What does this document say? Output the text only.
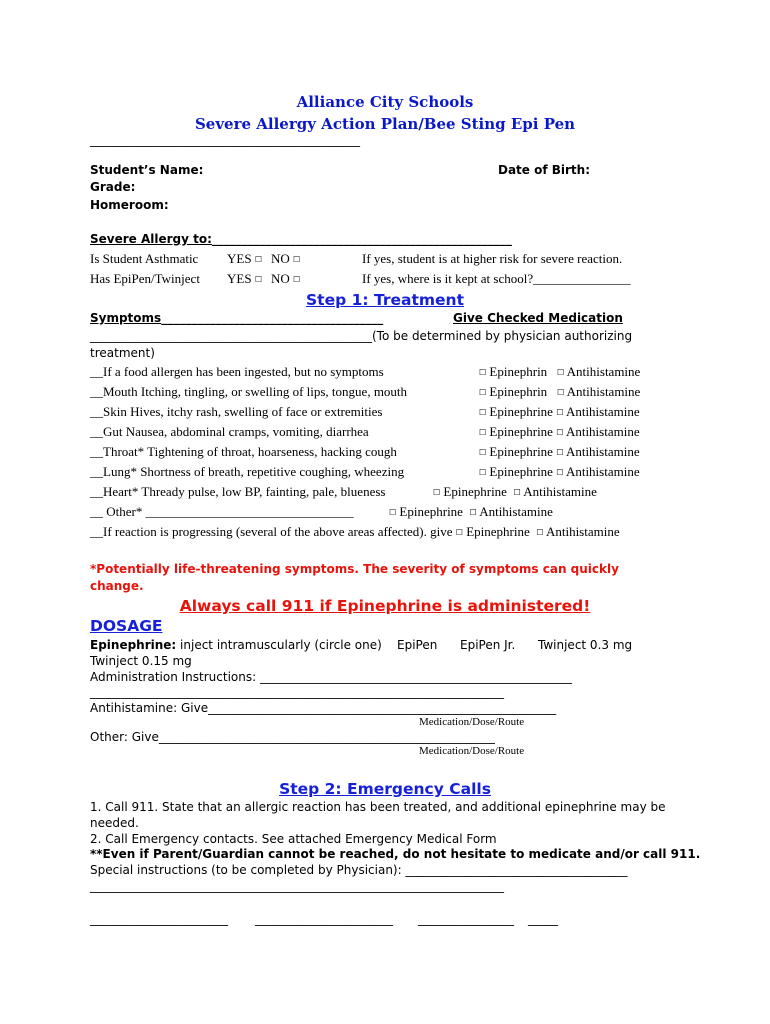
Alliance City Schools
Severe Allergy Action Plan/Bee Sting Epi Pen
_____________________________________________
Student’s Name:	Date of Birth:
Grade:
Homeroom:
Severe Allergy to:__________________________________________________
Is Student Asthmatic YES ☐ NO ☐	If yes, student is at higher risk for severe reaction.
Has EpiPen/Twinject YES ☐ NO ☐	If yes, where is it kept at school?_______________
Step 1: Treatment
Symptoms_____________________________________	Give Checked Medication
_______________________________________________(To be determined by physician authorizing
treatment)
__If a food allergen has been ingested, but no symptoms	☐ Epinephrin ☐ Antihistamine
__Mouth Itching, tingling, or swelling of lips, tongue, mouth	☐ Epinephrin ☐ Antihistamine
__Skin Hives, itchy rash, swelling of face or extremities	☐ Epinephrine ☐ Antihistamine
__Gut Nausea, abdominal cramps, vomiting, diarrhea	☐ Epinephrine ☐ Antihistamine
__Throat* Tightening of throat, hoarseness, hacking cough	☐ Epinephrine ☐ Antihistamine
__Lung* Shortness of breath, repetitive coughing, wheezing	☐ Epinephrine ☐ Antihistamine
__Heart* Thready pulse, low BP, fainting, pale, blueness	☐ Epinephrine ☐ Antihistamine
__ Other* ________________________________	☐ Epinephrine ☐ Antihistamine
__If reaction is progressing (several of the above areas affected). give ☐ Epinephrine ☐ Antihistamine
*Potentially life-threatening symptoms. The severity of symptoms can quickly
change.
Always call 911 if Epinephrine is administered!
DOSAGE
Epinephrine: inject intramuscularly (circle one) EpiPen EpiPen Jr. Twinject 0.3 mg
Twinject 0.15 mg
Administration Instructions: ____________________________________________________
_____________________________________________________________________
Antihistamine: Give__________________________________________________________
Medication/Dose/Route
Other: Give________________________________________________________
Medication/Dose/Route
Step 2: Emergency Calls
1. Call 911. State that an allergic reaction has been treated, and additional epinephrine may be
needed.
2. Call Emergency contacts. See attached Emergency Medical Form
**Even if Parent/Guardian cannot be reached, do not hesitate to medicate and/or call 911.
Special instructions (to be completed by Physician): _____________________________________
_____________________________________________________________________
_______________________ _______________________ ________________ _____
